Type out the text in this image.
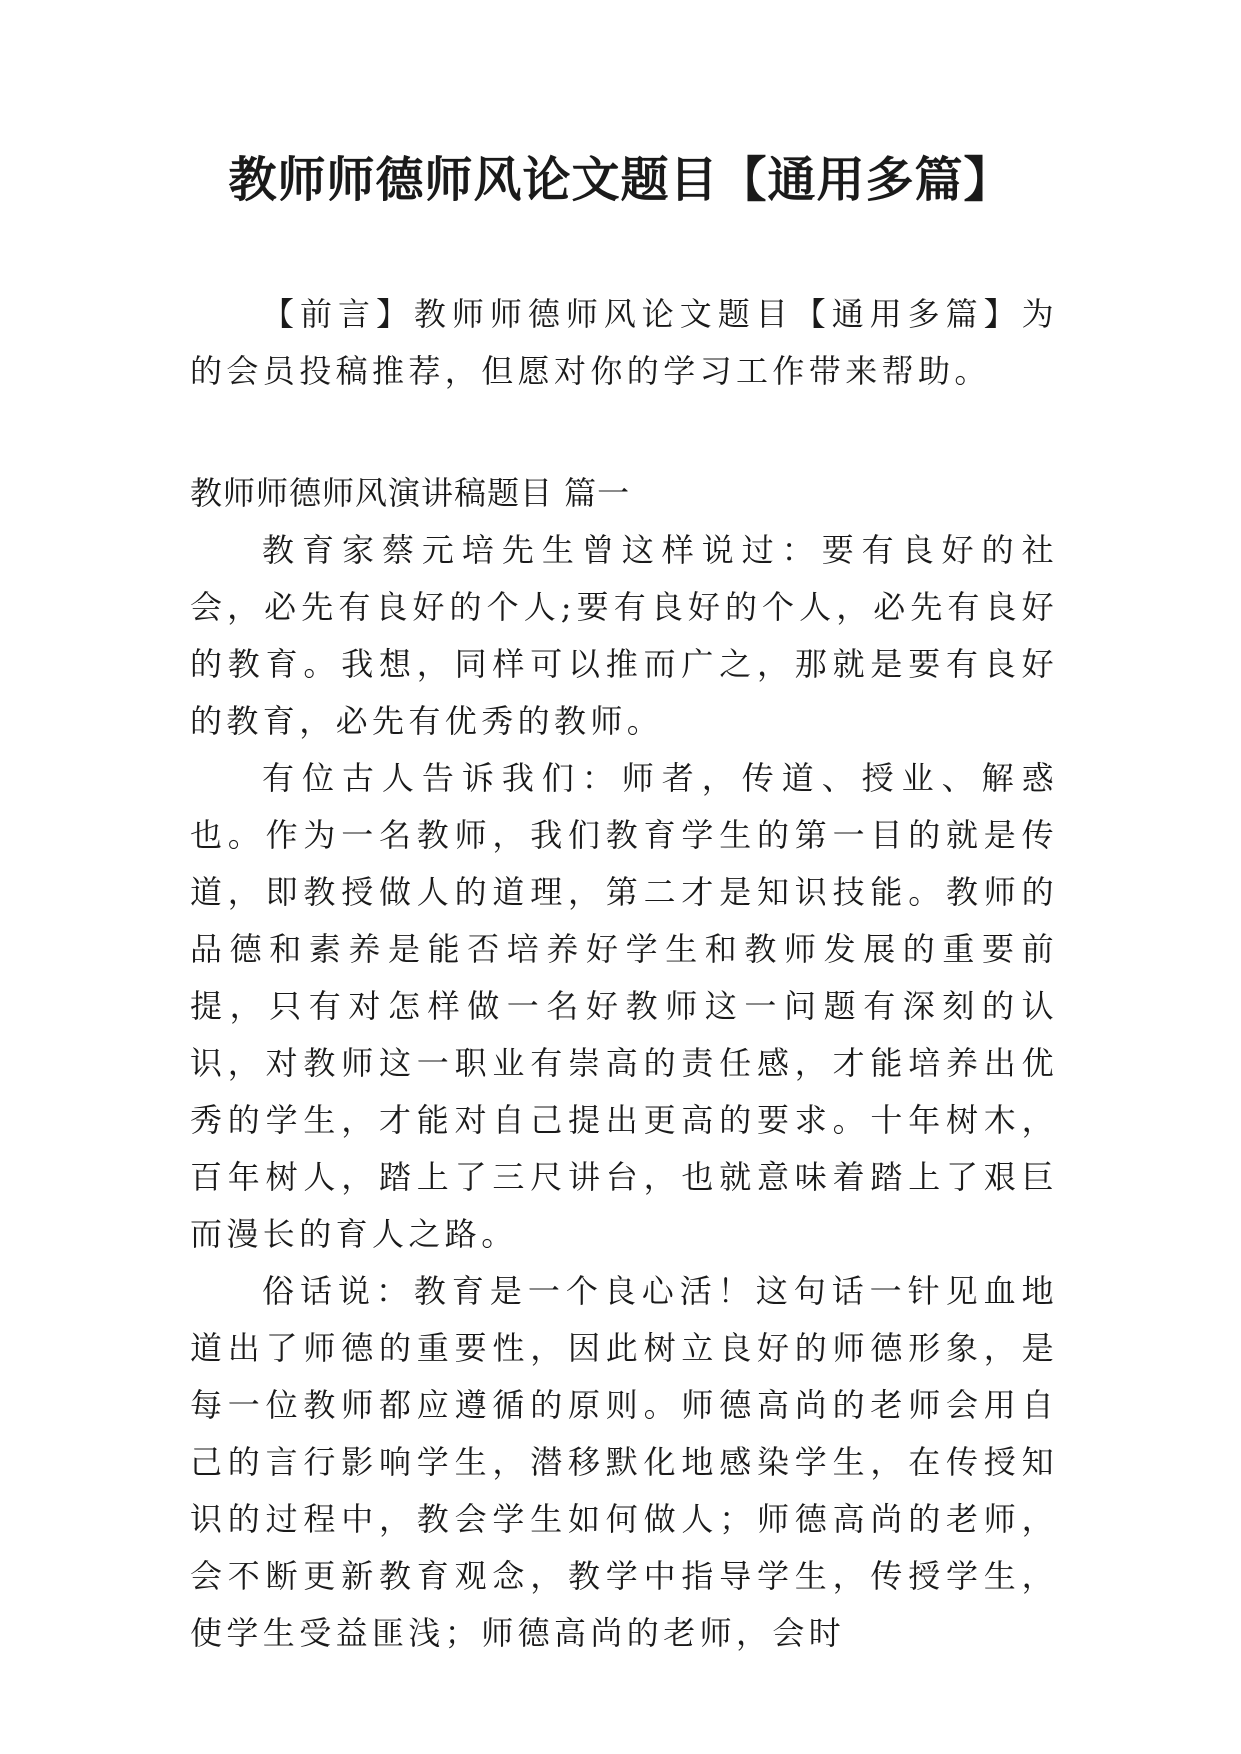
教师师德师风论文题目【通用多篇】

【前言】教师师德师风论文题目【通用多篇】为的会员投稿推荐，但愿对你的学习工作带来帮助。

教师师德师风演讲稿题目 篇一

教育家蔡元培先生曾这样说过：要有良好的社会，必先有良好的个人;要有良好的个人，必先有良好的教育。我想，同样可以推而广之，那就是要有良好的教育，必先有优秀的教师。

有位古人告诉我们：师者，传道、授业、解惑也。作为一名教师，我们教育学生的第一目的就是传道，即教授做人的道理，第二才是知识技能。教师的品德和素养是能否培养好学生和教师发展的重要前提，只有对怎样做一名好教师这一问题有深刻的认识，对教师这一职业有崇高的责任感，才能培养出优秀的学生，才能对自己提出更高的要求。十年树木，百年树人，踏上了三尺讲台，也就意味着踏上了艰巨而漫长的育人之路。

俗话说：教育是一个良心活！这句话一针见血地道出了师德的重要性，因此树立良好的师德形象，是每一位教师都应遵循的原则。师德高尚的老师会用自己的言行影响学生，潜移默化地感染学生，在传授知识的过程中，教会学生如何做人；师德高尚的老师，会不断更新教育观念，教学中指导学生，传授学生，使学生受益匪浅；师德高尚的老师，会时
